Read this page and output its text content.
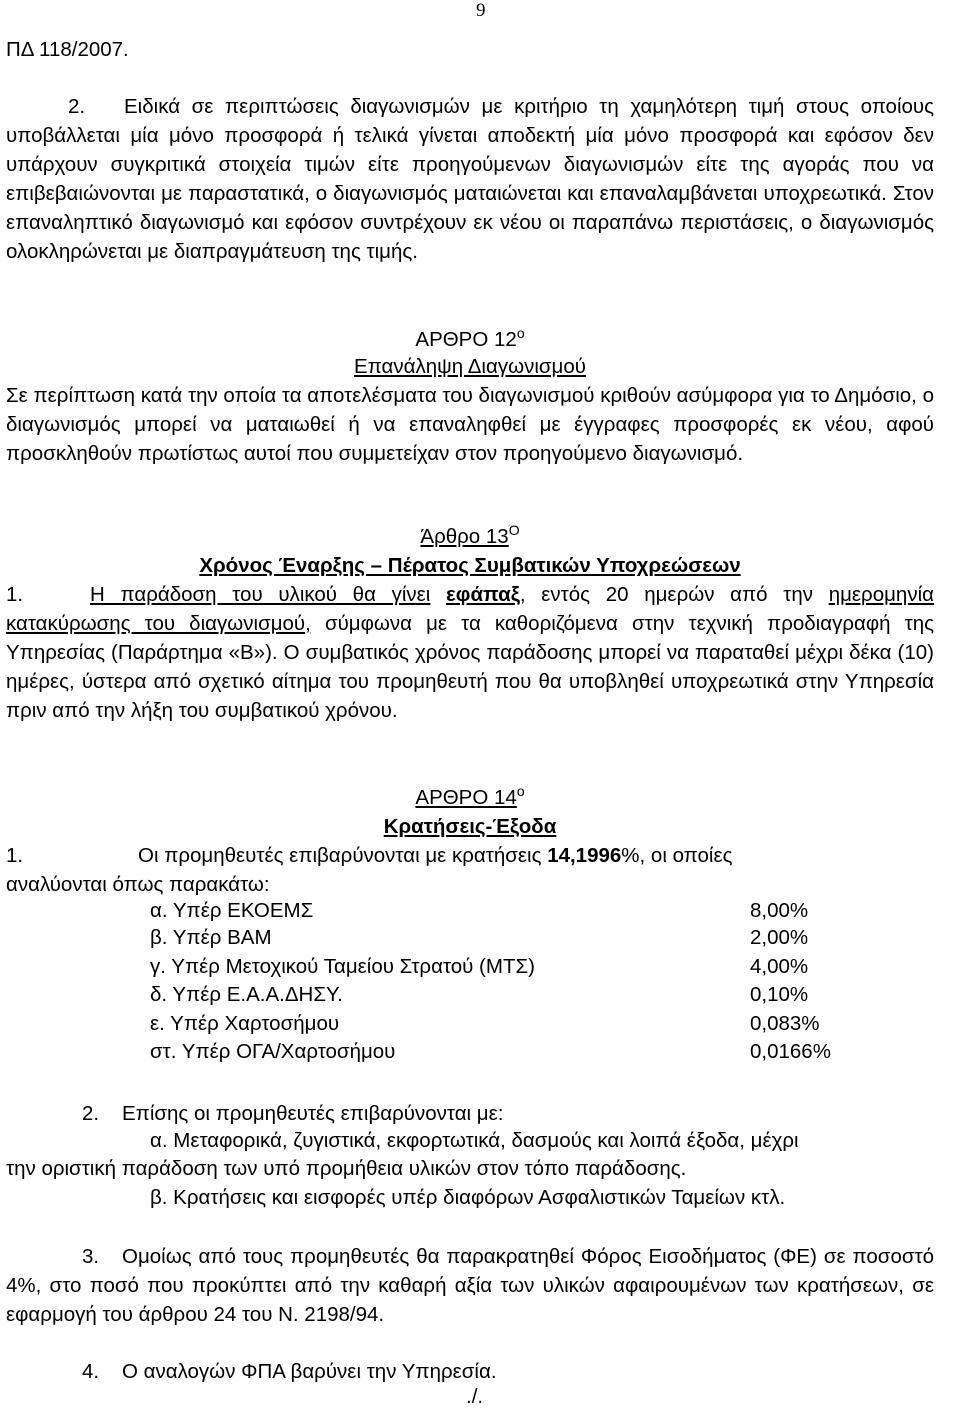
9
ΠΔ 118/2007.
2. Ειδικά σε περιπτώσεις διαγωνισμών με κριτήριο τη χαμηλότερη τιμή στους οποίους υποβάλλεται μία μόνο προσφορά ή τελικά γίνεται αποδεκτή μία μόνο προσφορά και εφόσον δεν υπάρχουν συγκριτικά στοιχεία τιμών είτε προηγούμενων διαγωνισμών είτε της αγοράς που να επιβεβαιώνονται με παραστατικά, ο διαγωνισμός ματαιώνεται και επαναλαμβάνεται υποχρεωτικά. Στον επαναληπτικό διαγωνισμό και εφόσον συντρέχουν εκ νέου οι παραπάνω περιστάσεις, ο διαγωνισμός ολοκληρώνεται με διαπραγμάτευση της τιμής.
ΑΡΘΡΟ $12^o$
Επανάληψη Διαγωνισμού
Σε περίπτωση κατά την οποία τα αποτελέσματα του διαγωνισμού κριθούν ασύμφορα για το Δημόσιο, ο διαγωνισμός μπορεί να ματαιωθεί ή να επαναληφθεί με έγγραφες προσφορές εκ νέου, αφού προσκληθούν πρωτίστως αυτοί που συμμετείχαν στον προηγούμενο διαγωνισμό.
Άρθρο $13^O$
Χρόνος Έναρξης – Πέρατος Συμβατικών Υποχρεώσεων
1.	Η παράδοση του υλικού θα γίνει εφάπαξ, εντός 20 ημερών από την ημερομηνία κατακύρωσης του διαγωνισμού, σύμφωνα με τα καθοριζόμενα στην τεχνική προδιαγραφή της Υπηρεσίας (Παράρτημα «Β»). Ο συμβατικός χρόνος παράδοσης μπορεί να παραταθεί μέχρι δέκα (10) ημέρες, ύστερα από σχετικό αίτημα του προμηθευτή που θα υποβληθεί υποχρεωτικά στην Υπηρεσία πριν από την λήξη του συμβατικού χρόνου.
ΑΡΘΡΟ $14^o$
Κρατήσεις-Έξοδα
1.	Οι προμηθευτές επιβαρύνονται με κρατήσεις 14,1996%, οι οποίες
αναλύονται όπως παρακάτω:
α. Υπέρ ΕΚΟΕΜΣ	8,00%
β. Υπέρ ΒΑΜ	2,00%
γ. Υπέρ Μετοχικού Ταμείου Στρατού (ΜΤΣ)	4,00%
δ. Υπέρ Ε.Α.Α.ΔΗΣΥ.	0,10%
ε. Υπέρ Χαρτοσήμου	0,083%
στ. Υπέρ ΟΓΑ/Χαρτοσήμου	0,0166%
2. Επίσης οι προμηθευτές επιβαρύνονται με:
α. Μεταφορικά, ζυγιστικά, εκφορτωτικά, δασμούς και λοιπά έξοδα, μέχρι
την οριστική παράδοση των υπό προμήθεια υλικών στον τόπο παράδοσης.
β. Κρατήσεις και εισφορές υπέρ διαφόρων Ασφαλιστικών Ταμείων κτλ.
3. Ομοίως από τους προμηθευτές θα παρακρατηθεί Φόρος Εισοδήματος (ΦΕ) σε ποσοστό 4%, στο ποσό που προκύπτει από την καθαρή αξία των υλικών αφαιρουμένων των κρατήσεων, σε εφαρμογή του άρθρου 24 του Ν. 2198/94.
4. Ο αναλογών ΦΠΑ βαρύνει την Υπηρεσία.
./.
